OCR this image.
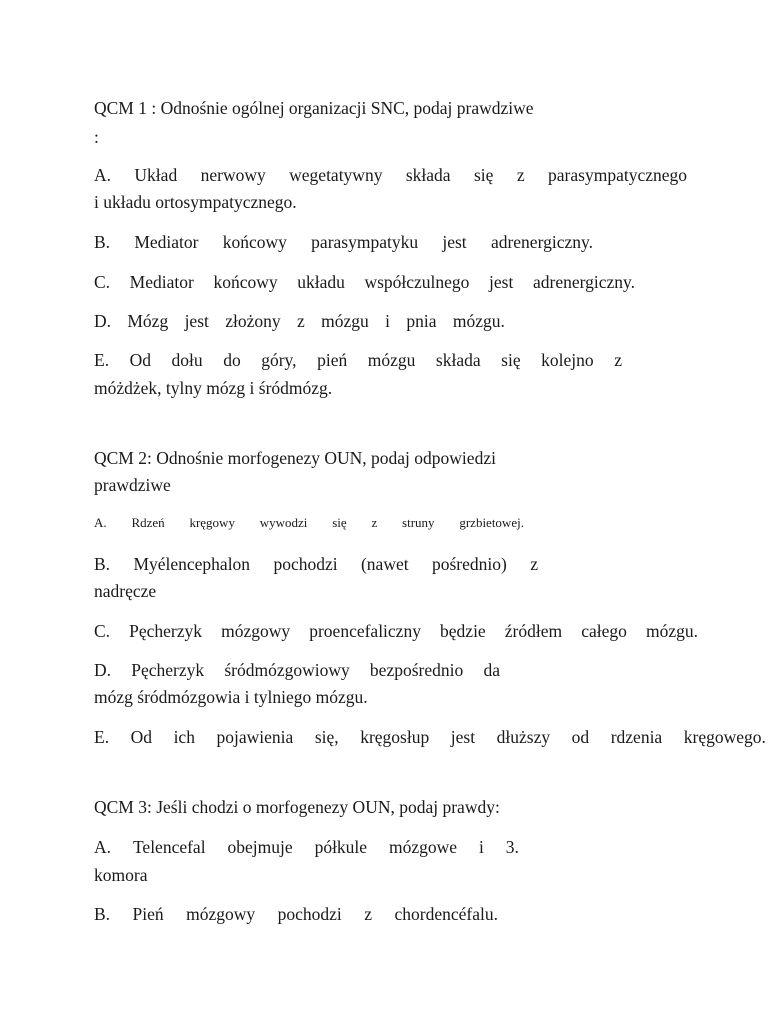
QCM 1 : Odnośnie ogólnej organizacji SNC, podaj prawdziwe

:

A. Układ nerwowy wegetatywny składa się z parasympatycznego

i układu ortosympatycznego.

B. Mediator końcowy parasympatyku jest adrenergiczny.

C. Mediator końcowy układu współczulnego jest adrenergiczny.

D. Mózg jest złożony z mózgu i pnia mózgu.

E. Od dołu do góry, pień mózgu składa się kolejno z

móżdżek, tylny mózg i śródmózg.

QCM 2: Odnośnie morfogenezy OUN, podaj odpowiedzi

prawdziwe

A. Rdzeń kręgowy wywodzi się z struny grzbietowej.

B. Myélencephalon pochodzi (nawet pośrednio) z

nadręcze

C. Pęcherzyk mózgowy proencefaliczny będzie źródłem całego mózgu.

D. Pęcherzyk śródmózgowiowy bezpośrednio da

mózg śródmózgowia i tylniego mózgu.

E. Od ich pojawienia się, kręgosłup jest dłuższy od rdzenia kręgowego.

QCM 3: Jeśli chodzi o morfogenezy OUN, podaj prawdy:

A. Telencefal obejmuje półkule mózgowe i 3.

komora

B. Pień mózgowy pochodzi z chordencéfalu.
